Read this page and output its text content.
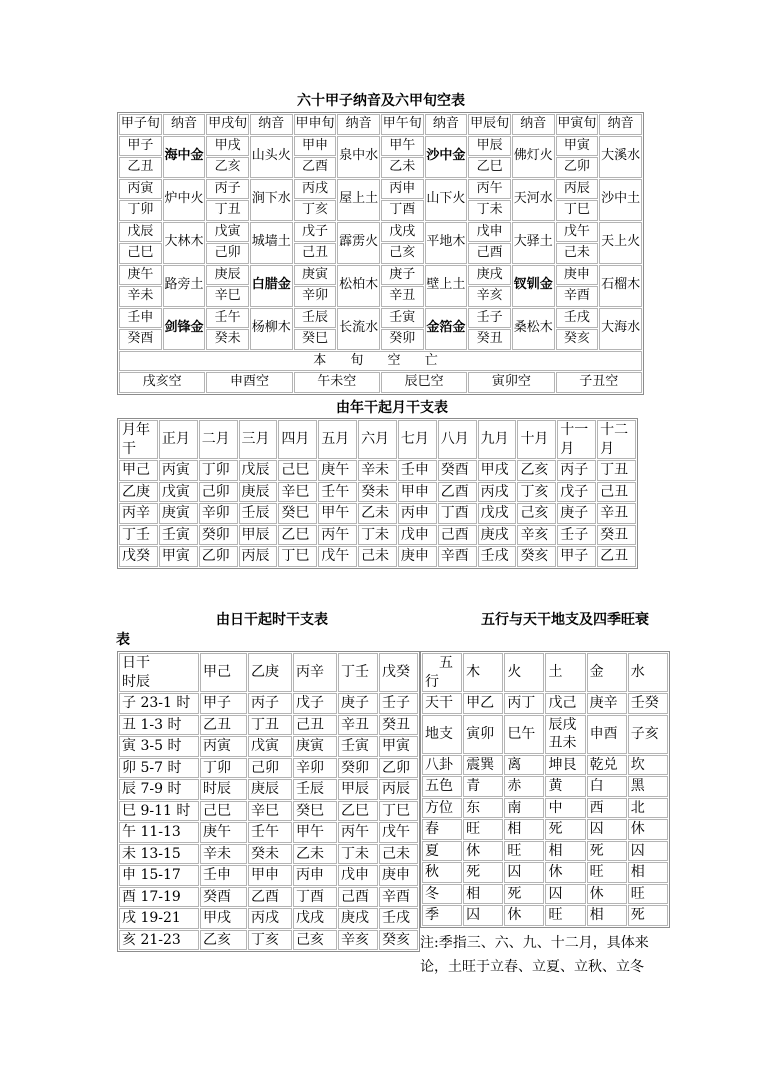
六十甲子纳音及六甲旬空表
由年干起月干支表
由日干起时干支表	五行与天干地支及四季旺衰
表
甲子旬	纳音	甲戌旬	纳音	甲申旬	纳音	甲午旬	纳音	甲辰旬	纳音	甲寅旬	纳音
甲子	海中金	甲戌	山头火	甲申	泉中水	甲午	沙中金	甲辰	佛灯火	甲寅	大溪水
乙丑		乙亥		乙酉		乙未		乙巳		乙卯	
丙寅	炉中火	丙子	涧下水	丙戌	屋上土	丙申	山下火	丙午	天河水	丙辰	沙中土
丁卯		丁丑		丁亥		丁酉		丁未		丁巳	
戊辰	大林木	戊寅	城墙土	戊子	霹雳火	戊戌	平地木	戊申	大驿土	戊午	天上火
己巳		己卯		己丑		己亥		己酉		己未	
庚午	路旁土	庚辰	白腊金	庚寅	松柏木	庚子	壁上土	庚戌	钗钏金	庚申	石榴木
辛未		辛巳		辛卯		辛丑		辛亥		辛酉	
壬申	剑锋金	壬午	杨柳木	壬辰	长流水	壬寅	金箔金	壬子	桑松木	壬戌	大海水
癸酉		癸未		癸巳		癸卯		癸丑		癸亥	
本 旬 空 亡											
戌亥空		申酉空		午未空		辰巳空		寅卯空		子丑空	
月年干	正月	二月	三月	四月	五月	六月	七月	八月	九月	十月	十一月	十二月
甲己	丙寅	丁卯	戊辰	己巳	庚午	辛未	壬申	癸酉	甲戌	乙亥	丙子	丁丑
乙庚	戊寅	己卯	庚辰	辛巳	壬午	癸未	甲申	乙酉	丙戌	丁亥	戊子	己丑
丙辛	庚寅	辛卯	壬辰	癸巳	甲午	乙未	丙申	丁酉	戊戌	己亥	庚子	辛丑
丁壬	壬寅	癸卯	甲辰	乙巳	丙午	丁未	戊申	己酉	庚戌	辛亥	壬子	癸丑
戊癸	甲寅	乙卯	丙辰	丁巳	戊午	己未	庚申	辛酉	壬戌	癸亥	甲子	乙丑
日干
时辰	甲己	乙庚	丙辛	丁壬	戊癸
子 23-1 时	甲子	丙子	戊子	庚子	壬子
丑 1-3 时	乙丑	丁丑	己丑	辛丑	癸丑
寅 3-5 时	丙寅	戊寅	庚寅	壬寅	甲寅
卯 5-7 时	丁卯	己卯	辛卯	癸卯	乙卯
辰 7-9 时	时辰	庚辰	壬辰	甲辰	丙辰
巳 9-11 时	己巳	辛巳	癸巳	乙巳	丁巳
午 11-13	庚午	壬午	甲午	丙午	戊午
未 13-15	辛未	癸未	乙未	丁未	己未
申 15-17	壬申	甲申	丙申	戊申	庚申
酉 17-19	癸酉	乙酉	丁酉	己酉	辛酉
戌 19-21	甲戌	丙戌	戊戌	庚戌	壬戌
亥 21-23	乙亥	丁亥	己亥	辛亥	癸亥
五行	木	火	土	金	水
天干	甲乙	丙丁	戊己	庚辛	壬癸
地支	寅卯	巳午	辰戌丑未	申酉	子亥
八卦	震巽	离	坤艮	乾兑	坎
五色	青	赤	黄	白	黑
方位	东	南	中	西	北
春	旺	相	死	囚	休
夏	休	旺	相	死	囚
秋	死	囚	休	旺	相
冬	相	死	囚	休	旺
季	囚	休	旺	相	死

注:季指三、六、九、十二月，具体来论，土旺于立春、立夏、立秋、立冬
